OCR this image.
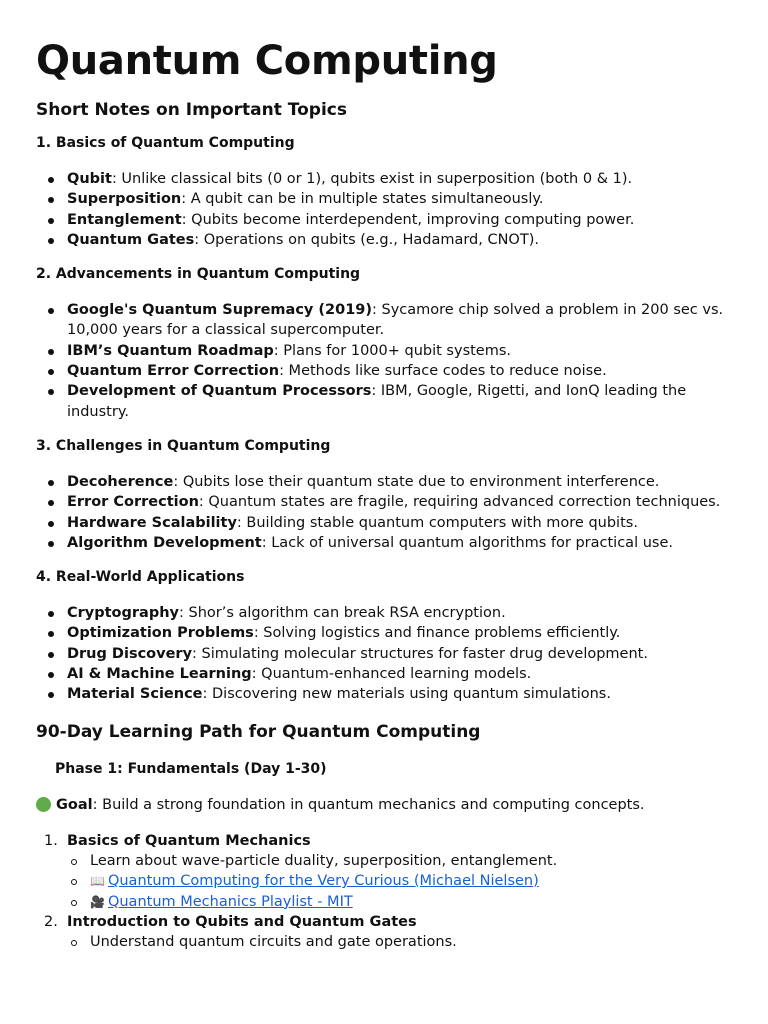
Quantum Computing
Short Notes on Important Topics
1. Basics of Quantum Computing
Qubit: Unlike classical bits (0 or 1), qubits exist in superposition (both 0 & 1).
Superposition: A qubit can be in multiple states simultaneously.
Entanglement: Qubits become interdependent, improving computing power.
Quantum Gates: Operations on qubits (e.g., Hadamard, CNOT).
2. Advancements in Quantum Computing
Google's Quantum Supremacy (2019): Sycamore chip solved a problem in 200 sec vs. 10,000 years for a classical supercomputer.
IBM’s Quantum Roadmap: Plans for 1000+ qubit systems.
Quantum Error Correction: Methods like surface codes to reduce noise.
Development of Quantum Processors: IBM, Google, Rigetti, and IonQ leading the industry.
3. Challenges in Quantum Computing
Decoherence: Qubits lose their quantum state due to environment interference.
Error Correction: Quantum states are fragile, requiring advanced correction techniques.
Hardware Scalability: Building stable quantum computers with more qubits.
Algorithm Development: Lack of universal quantum algorithms for practical use.
4. Real-World Applications
Cryptography: Shor’s algorithm can break RSA encryption.
Optimization Problems: Solving logistics and finance problems efficiently.
Drug Discovery: Simulating molecular structures for faster drug development.
AI & Machine Learning: Quantum-enhanced learning models.
Material Science: Discovering new materials using quantum simulations.
90-Day Learning Path for Quantum Computing
Phase 1: Fundamentals (Day 1-30)
Goal : Build a strong foundation in quantum mechanics and computing concepts.
1. Basics of Quantum Mechanics
Learn about wave-particle duality, superposition, entanglement.
📖 Quantum Computing for the Very Curious (Michael Nielsen)
🎥 Quantum Mechanics Playlist - MIT
2. Introduction to Qubits and Quantum Gates
Understand quantum circuits and gate operations.
